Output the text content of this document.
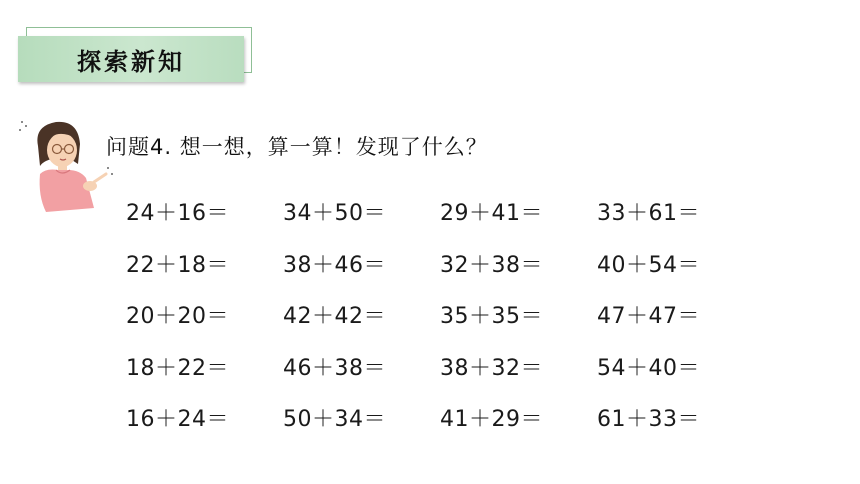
探索新知
问题4. 想一想，算一算！发现了什么？
24＋16＝	34＋50＝	29＋41＝	33＋61＝
22＋18＝	38＋46＝	32＋38＝	40＋54＝
20＋20＝	42＋42＝	35＋35＝	47＋47＝
18＋22＝	46＋38＝	38＋32＝	54＋40＝
16＋24＝	50＋34＝	41＋29＝	61＋33＝
